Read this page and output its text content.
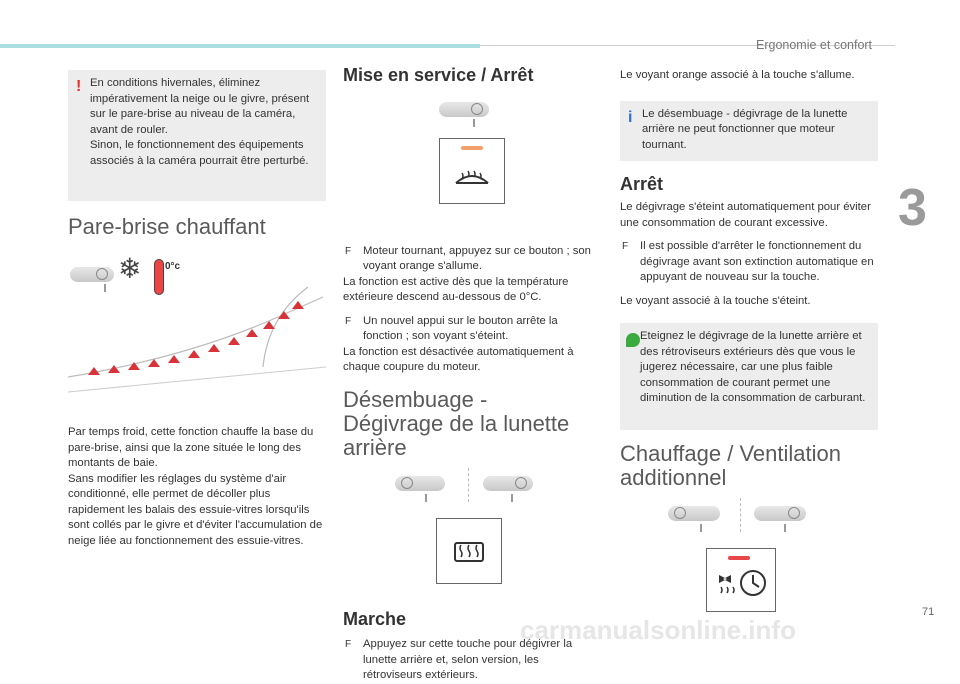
Ergonomie et confort
3
71
! En conditions hivernales, éliminez impérativement la neige ou le givre, présent sur le pare-brise au niveau de la caméra, avant de rouler.
Sinon, le fonctionnement des équipements associés à la caméra pourrait être perturbé.

Pare-brise chauffant
❄ 0°c

Par temps froid, cette fonction chauffe la base du pare-brise, ainsi que la zone située le long des montants de baie.
Sans modifier les réglages du système d'air conditionné, elle permet de décoller plus rapidement les balais des essuie-vitres lorsqu'ils sont collés par le givre et d'éviter l'accumulation de neige liée au fonctionnement des essuie-vitres.

Mise en service / Arrêt
F Moteur tournant, appuyez sur ce bouton ; son voyant orange s'allume.

La fonction est active dès que la température extérieure descend au-dessous de 0°C.

F Un nouvel appui sur le bouton arrête la fonction ; son voyant s'éteint.

La fonction est désactivée automatiquement à chaque coupure du moteur.

Désembuage - Dégivrage de la lunette arrière
Marche
F Appuyez sur cette touche pour dégivrer la lunette arrière et, selon version, les rétroviseurs extérieurs.

Le voyant orange associé à la touche s'allume.

i Le désembuage - dégivrage de la lunette arrière ne peut fonctionner que moteur tournant.

Arrêt

Le dégivrage s'éteint automatiquement pour éviter une consommation de courant excessive.

F Il est possible d'arrêter le fonctionnement du dégivrage avant son extinction automatique en appuyant de nouveau sur la touche.

Le voyant associé à la touche s'éteint.

Eteignez le dégivrage de la lunette arrière et des rétroviseurs extérieurs dès que vous le jugerez nécessaire, car une plus faible consommation de courant permet une diminution de la consommation de carburant.

Chauffage / Ventilation additionnel
carmanualsonline.info
